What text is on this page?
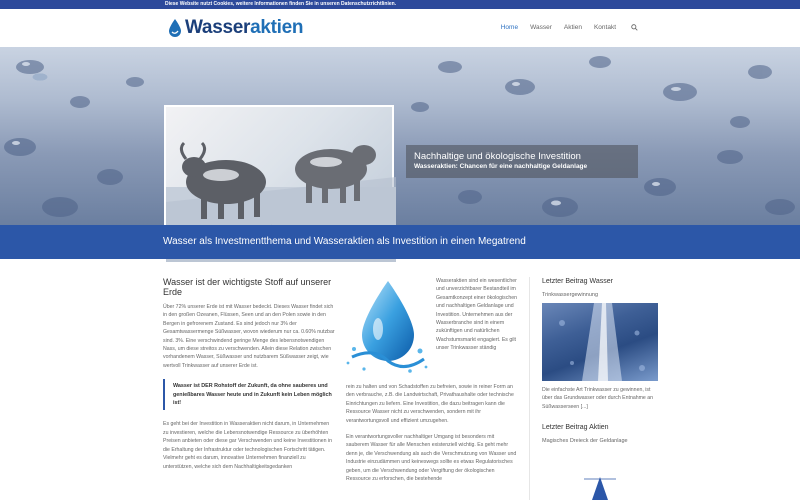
Diese Website nutzt Cookies, weitere Informationen finden Sie in unseren Datenschutzrichtlinien.
Wasseraktien	Home Wasser Aktien Kontakt
Nachhaltige und ökologische Investition

Wasseraktien: Chancen für eine nachhaltige Geldanlage

Wasser als Investmentthema und Wasseraktien als Investition in einen Megatrend
Wasser ist der wichtigste Stoff auf unserer Erde

Über 72% unserer Erde ist mit Wasser bedeckt. Dieses Wasser findet sich in den großen Ozeanen, Flüssen, Seen und an den Polen sowie in den Bergen in gefrorenem Zustand. Es sind jedoch nur 3% der Gesamtwassermenge Süßwasser, wovon wiederum nur ca. 0.60% nutzbar sind. 3%. Eine verschwindend geringe Menge des lebensnotwendigen Nass, um diese streitos zu verschwenden. Allein diese Relation zwischen vorhandenem Wasser, Süßwasser und nutzbarem Süßwasser zeigt, wie wertvoll Trinkwasser auf unserer Erde ist.

Wasser ist DER Rohstoff der Zukunft, da ohne sauberes und genießbares Wasser heute und in Zukunft kein Leben möglich ist!

Es geht bei der Investition in Wasseraktien nicht darum, in Unternehmen zu investieren, welche die Lebensnotwendige Ressource zu überhöhten Preisen anbieten oder diese gar Verschwenden und keine Investitionen in die Erhaltung der Infrastruktur oder technologischen Fortschritt tätigen. Vielmehr geht es darum, innovative Unternehmen finanziell zu unterstützen, welche sich dem Nachhaltigkeitsgedanken

Wasseraktien sind ein wesentlicher und unverzichtbarer Bestandteil im Gesamtkonzept einer ökologischen und nachhaltigen Geldanlage und Investition. Unternehmen aus der Wasserbranche sind in einem zukünftigen und natürlichen Wachstumsmarkt engagiert. Es gilt unser Trinkwasser ständig

rein zu halten und von Schadstoffen zu befreien, sowie in reiner Form an den verbrauche, z.B. die Landwirtschaft, Privathaushalte oder technische Einrichtungen zu liefern. Eine Investition, die dazu beitragen kann die Ressource Wasser nicht zu verschwenden, sondern mit ihr verantwortungsvoll und effizient umzugehen.

Ein verantwortungsvoller nachhaltiger Umgang ist besonders mit sauberem Wasser für alle Menschen existenziell wichtig. Es geht mehr denn je, die Verschwendung als auch die Verschmutzung von Wasser und Industrie einzudämmen und keineswegs sollte es etwas Regulatorisches geben, um die Verschwendung oder Vergiftung der ökologischen Ressource zu erforschen, die bestehende

Letzter Beitrag Wasser
Trinkwassergewinnung

Die einfachste Art Trinkwasser zu gewinnen, ist über das Grundwasser oder durch Entnahme an Süßwasserseen [...]

Letzter Beitrag Aktien
Magisches Dreieck der Geldanlage
